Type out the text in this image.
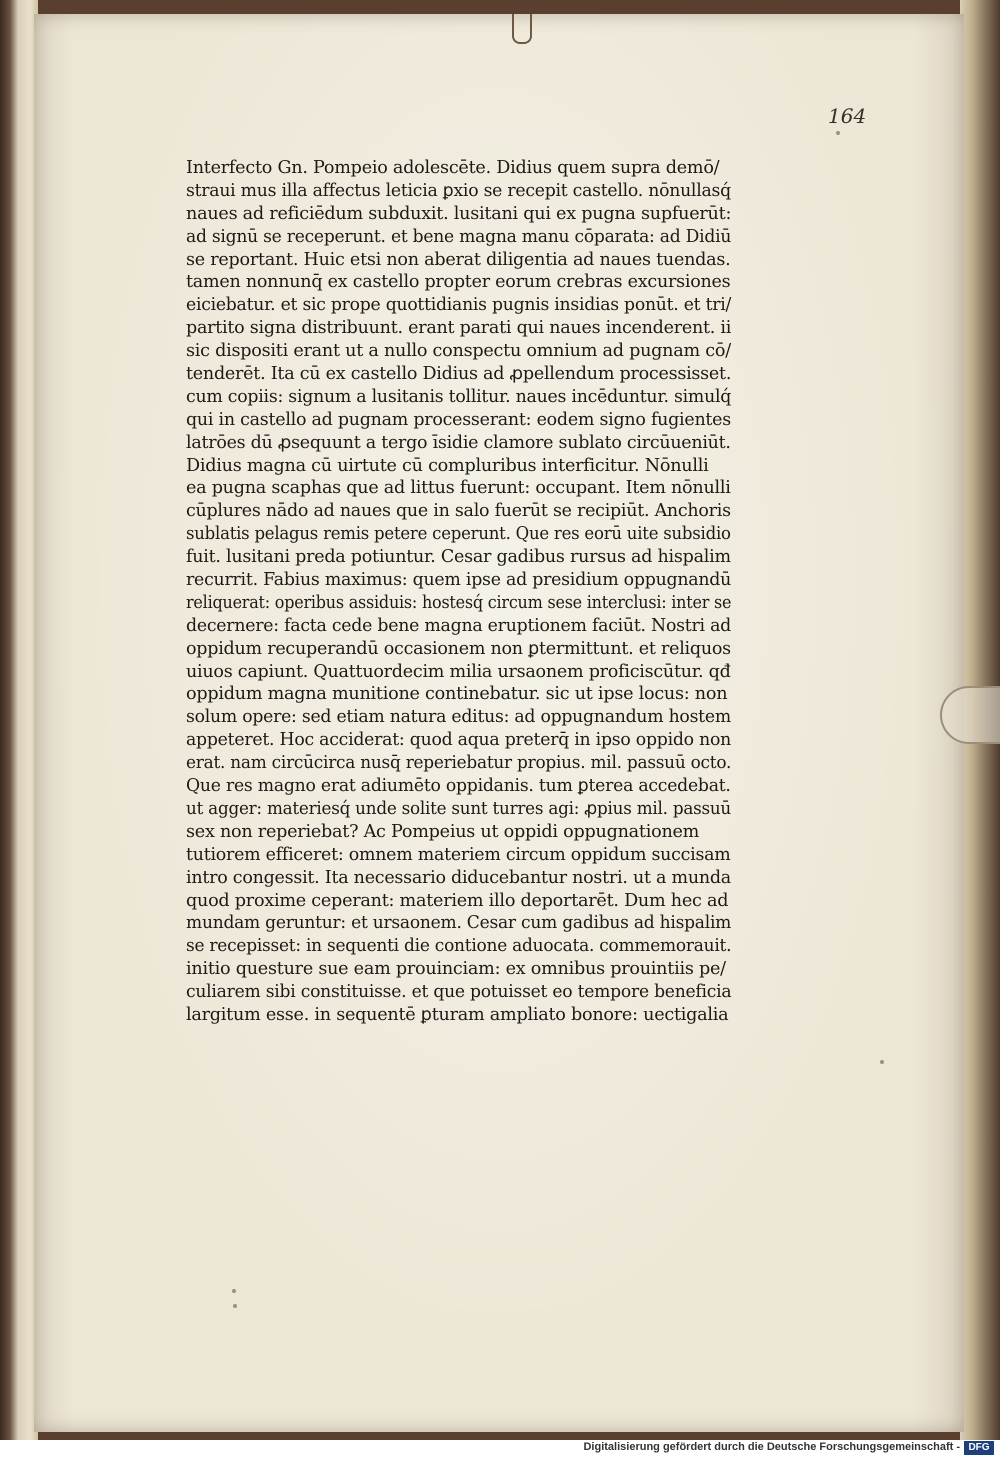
164
Interfecto Gn. Pompeio adolescēte. Didius quem supra demō/
straui mus illa affectus leticia ꝑxio se recepit castello. nōnullasq́
naues ad reficiēdum subduxit. lusitani qui ex pugna supfuerūt:
ad signū se receperunt. et bene magna manu cōparata: ad Didiū
se reportant. Huic etsi non aberat diligentia ad naues tuendas.
tamen nonnunq̄ ex castello propter eorum crebras excursiones
eiciebatur. et sic prope quottidianis pugnis insidias ponūt. et tri/
partito signa distribuunt. erant parati qui naues incenderent. ii
sic dispositi erant ut a nullo conspectu omnium ad pugnam cō/
tenderēt. Ita cū ex castello Didius ad ꝓpellendum processisset.
cum copiis: signum a lusitanis tollitur. naues incēduntur. simulq́
qui in castello ad pugnam processerant: eodem signo fugientes
latrōes dū ꝓsequunt a tergo īsidie clamore sublato circūueniūt.
Didius magna cū uirtute cū compluribus interficitur. Nōnulli
ea pugna scaphas que ad littus fuerunt: occupant. Item nōnulli
cūplures nādo ad naues que in salo fuerūt se recipiūt. Anchoris
sublatis pelagus remis petere ceperunt. Que res eorū uite subsidio
fuit. lusitani preda potiuntur. Cesar gadibus rursus ad hispalim
recurrit. Fabius maximus: quem ipse ad presidium oppugnandū
reliquerat: operibus assiduis: hostesq́ circum sese interclusi: inter se
decernere: facta cede bene magna eruptionem faciūt. Nostri ad
oppidum recuperandū occasionem non ꝑtermittunt. et reliquos
uiuos capiunt. Quattuordecim milia ursaonem proficiscūtur. qđ
oppidum magna munitione continebatur. sic ut ipse locus: non
solum opere: sed etiam natura editus: ad oppugnandum hostem
appeteret. Hoc acciderat: quod aqua preterq̄ in ipso oppido non
erat. nam circūcirca nusq̄ reperiebatur propius. mil. passuū octo.
Que res magno erat adiumēto oppidanis. tum ꝑterea accedebat.
ut agger: materiesq́ unde solite sunt turres agi: ꝓpius mil. passuū
sex non reperiebat? Ac Pompeius ut oppidi oppugnationem
tutiorem efficeret: omnem materiem circum oppidum succisam
intro congessit. Ita necessario diducebantur nostri. ut a munda
quod proxime ceperant: materiem illo deportarēt. Dum hec ad
mundam geruntur: et ursaonem. Cesar cum gadibus ad hispalim
se recepisset: in sequenti die contione aduocata. commemorauit.
initio questure sue eam prouinciam: ex omnibus prouintiis pe/
culiarem sibi constituisse. et que potuisset eo tempore beneficia
largitum esse. in sequentē ꝑturam ampliato bonore: uectigalia
Digitalisierung gefördert durch die Deutsche Forschungsgemeinschaft - DFG
